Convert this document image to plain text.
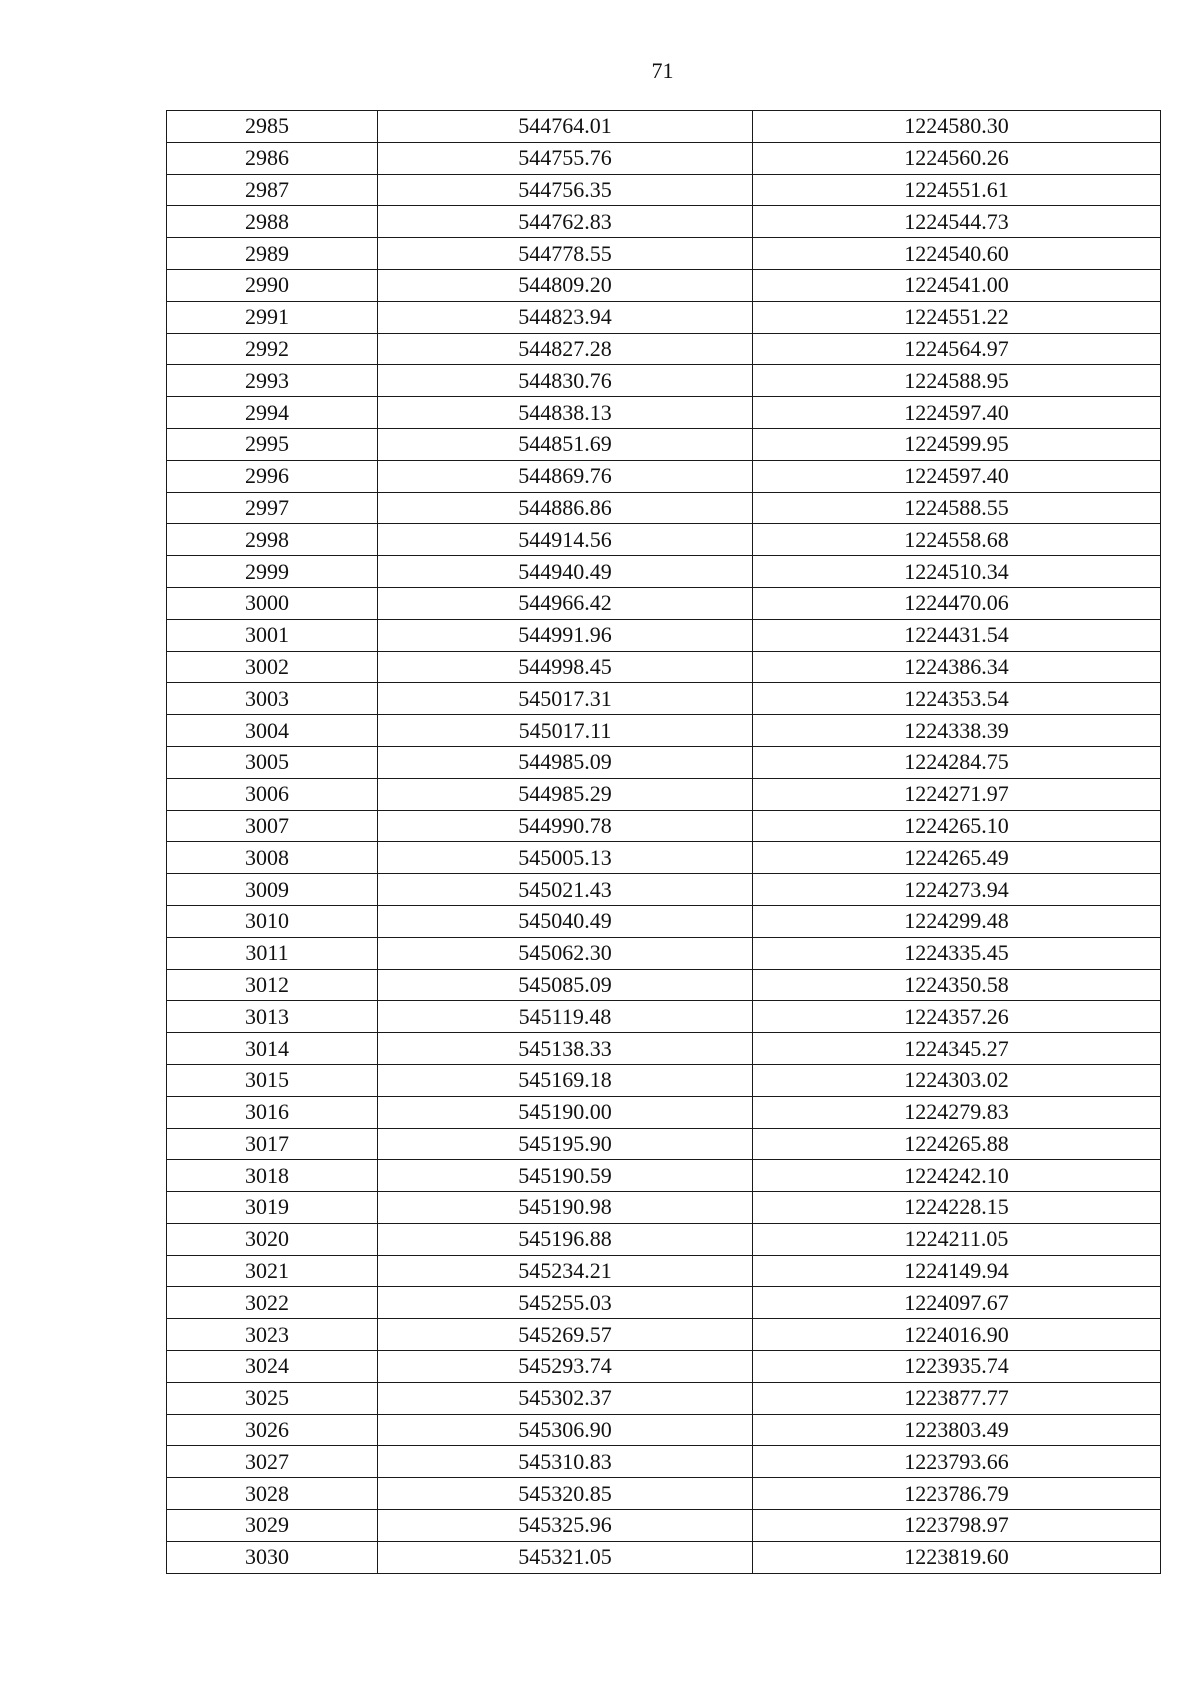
71
2985	544764.01	1224580.30
2986	544755.76	1224560.26
2987	544756.35	1224551.61
2988	544762.83	1224544.73
2989	544778.55	1224540.60
2990	544809.20	1224541.00
2991	544823.94	1224551.22
2992	544827.28	1224564.97
2993	544830.76	1224588.95
2994	544838.13	1224597.40
2995	544851.69	1224599.95
2996	544869.76	1224597.40
2997	544886.86	1224588.55
2998	544914.56	1224558.68
2999	544940.49	1224510.34
3000	544966.42	1224470.06
3001	544991.96	1224431.54
3002	544998.45	1224386.34
3003	545017.31	1224353.54
3004	545017.11	1224338.39
3005	544985.09	1224284.75
3006	544985.29	1224271.97
3007	544990.78	1224265.10
3008	545005.13	1224265.49
3009	545021.43	1224273.94
3010	545040.49	1224299.48
3011	545062.30	1224335.45
3012	545085.09	1224350.58
3013	545119.48	1224357.26
3014	545138.33	1224345.27
3015	545169.18	1224303.02
3016	545190.00	1224279.83
3017	545195.90	1224265.88
3018	545190.59	1224242.10
3019	545190.98	1224228.15
3020	545196.88	1224211.05
3021	545234.21	1224149.94
3022	545255.03	1224097.67
3023	545269.57	1224016.90
3024	545293.74	1223935.74
3025	545302.37	1223877.77
3026	545306.90	1223803.49
3027	545310.83	1223793.66
3028	545320.85	1223786.79
3029	545325.96	1223798.97
3030	545321.05	1223819.60
